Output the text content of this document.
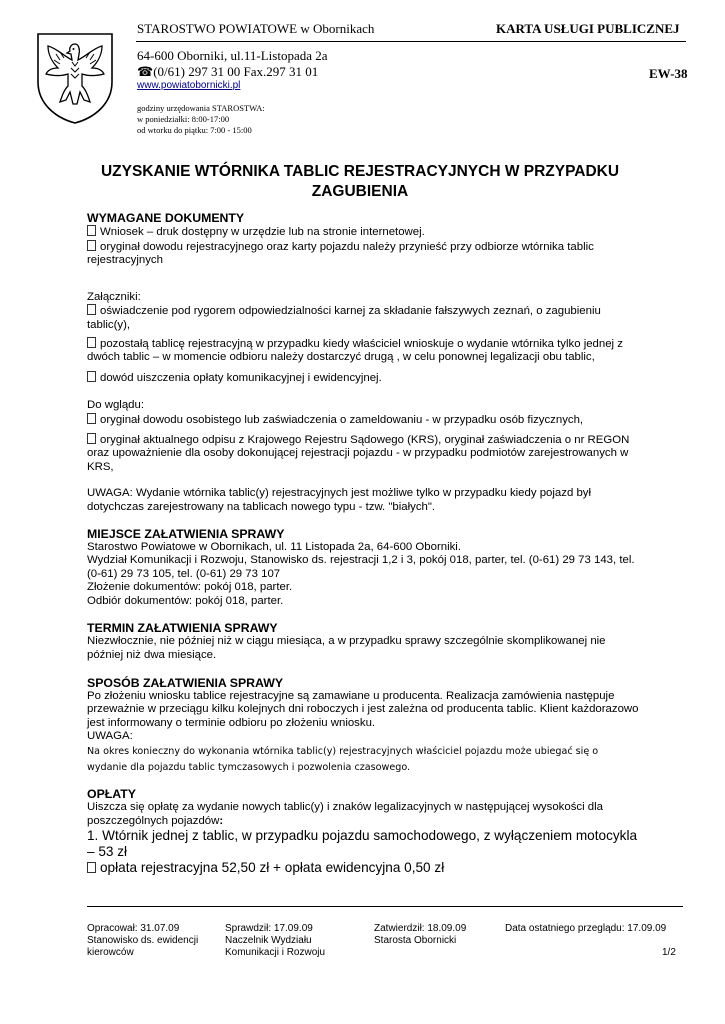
STAROSTWO POWIATOWE w Obornikach	KARTA USŁUGI PUBLICZNEJ
64-600 Oborniki, ul.11-Listopada 2a
☎(0/61) 297 31 00 Fax.297 31 01	EW-38
www.powiatobornicki.pl
godziny urzędowania STAROSTWA:
w poniedziałki: 8:00-17:00
od wtorku do piątku: 7:00 - 15:00
UZYSKANIE WTÓRNIKA TABLIC REJESTRACYJNYCH W PRZYPADKU ZAGUBIENIA
WYMAGANE DOKUMENTY
Wniosek – druk dostępny w urzędzie lub na stronie internetowej.
oryginał dowodu rejestracyjnego oraz karty pojazdu należy przynieść przy odbiorze wtórnika tablic rejestracyjnych
Załączniki:
oświadczenie pod rygorem odpowiedzialności karnej za składanie fałszywych zeznań, o zagubieniu tablic(y),
pozostałą tablicę rejestracyjną w przypadku kiedy właściciel wnioskuje o wydanie wtórnika tylko jednej z dwóch tablic – w momencie odbioru należy dostarczyć drugą , w celu ponownej legalizacji obu tablic,
dowód uiszczenia opłaty komunikacyjnej i ewidencyjnej.
Do wglądu:
oryginał dowodu osobistego lub zaświadczenia o zameldowaniu - w przypadku osób fizycznych,
oryginał aktualnego odpisu z Krajowego Rejestru Sądowego (KRS), oryginał zaświadczenia o nr REGON oraz upoważnienie dla osoby dokonującej rejestracji pojazdu - w przypadku podmiotów zarejestrowanych w KRS,
UWAGA: Wydanie wtórnika tablic(y) rejestracyjnych jest możliwe tylko w przypadku kiedy pojazd był dotychczas zarejestrowany na tablicach nowego typu - tzw. "białych".
MIEJSCE ZAŁATWIENIA SPRAWY
Starostwo Powiatowe w Obornikach, ul. 11 Listopada 2a, 64-600 Oborniki.
Wydział Komunikacji i Rozwoju, Stanowisko ds. rejestracji 1,2 i 3, pokój 018, parter, tel. (0-61) 29 73 143, tel. (0-61) 29 73 105, tel. (0-61) 29 73 107
Złożenie dokumentów: pokój 018, parter.
Odbiór dokumentów: pokój 018, parter.
TERMIN ZAŁATWIENIA SPRAWY
Niezwłocznie, nie później niż w ciągu miesiąca, a w przypadku sprawy szczególnie skomplikowanej nie później niż dwa miesiące.
SPOSÓB ZAŁATWIENIA SPRAWY
Po złożeniu wniosku tablice rejestracyjne są zamawiane u producenta. Realizacja zamówienia następuje przeważnie w przeciągu kilku kolejnych dni roboczych i jest zależna od producenta tablic. Klient każdorazowo jest informowany o terminie odbioru po złożeniu wniosku.
UWAGA:
Na okres konieczny do wykonania wtórnika tablic(y) rejestracyjnych właściciel pojazdu może ubiegać się o wydanie dla pojazdu tablic tymczasowych i pozwolenia czasowego.
OPŁATY
Uiszcza się opłatę za wydanie nowych tablic(y) i znaków legalizacyjnych w następującej wysokości dla poszczególnych pojazdów:
1. Wtórnik jednej z tablic, w przypadku pojazdu samochodowego, z wyłączeniem motocykla – 53 zł
opłata rejestracyjna 52,50 zł + opłata ewidencyjna 0,50 zł
Opracował: 31.07.09
Stanowisko ds. ewidencji
kierowców
Sprawdził: 17.09.09
Naczelnik Wydziału
Komunikacji i Rozwoju
Zatwierdził: 18.09.09
Starosta Obornicki
Data ostatniego przeglądu: 17.09.09
1/2
